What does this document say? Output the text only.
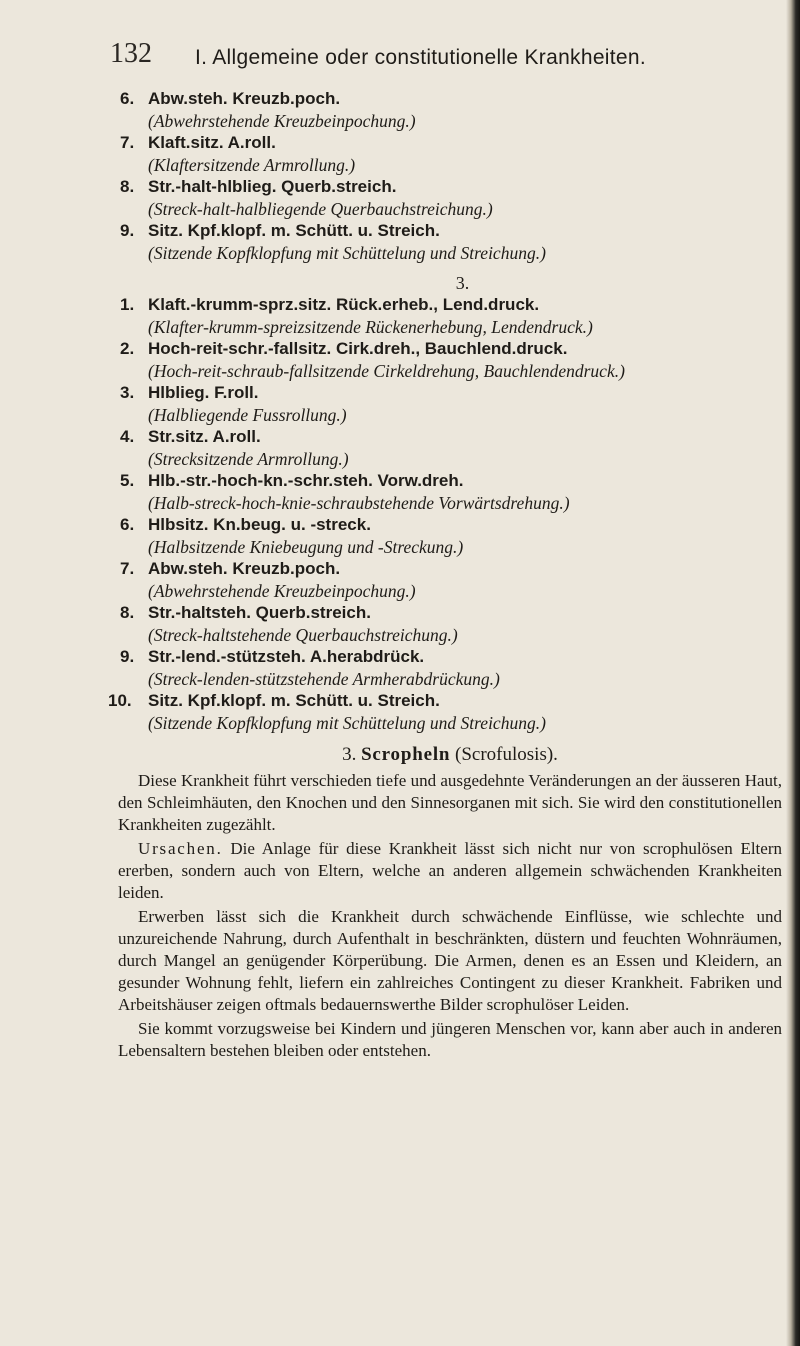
132 I. Allgemeine oder constitutionelle Krankheiten.
6. Abw.steh. Kreuzb.poch.
(Abwehrstehende Kreuzbeinpochung.)
7. Klaft.sitz. A.roll.
(Klaftersitzende Armrollung.)
8. Str.-halt-hlblieg. Querb.streich.
(Streck-halt-halbliegende Querbauchstreichung.)
9. Sitz. Kpf.klopf. m. Schütt. u. Streich.
(Sitzende Kopfklopfung mit Schüttelung und Streichung.)
3.
1. Klaft.-krumm-sprz.sitz. Rück.erheb., Lend.druck.
(Klafter-krumm-spreizsitzende Rückenerhebung, Lendendruck.)
2. Hoch-reit-schr.-fallsitz. Cirk.dreh., Bauchlend.druck.
(Hoch-reit-schraub-fallsitzende Cirkeldrehung, Bauchlendendruck.)
3. Hlblieg. F.roll.
(Halbliegende Fussrollung.)
4. Str.sitz. A.roll.
(Strecksitzende Armrollung.)
5. Hlb.-str.-hoch-kn.-schr.steh. Vorw.dreh.
(Halb-streck-hoch-knie-schraubstehende Vorwärtsdrehung.)
6. Hlbsitz. Kn.beug. u. -streck.
(Halbsitzende Kniebeugung und -Streckung.)
7. Abw.steh. Kreuzb.poch.
(Abwehrstehende Kreuzbeinpochung.)
8. Str.-haltsteh. Querb.streich.
(Streck-haltstehende Querbauchstreichung.)
9. Str.-lend.-stützsteh. A.herabdrück.
(Streck-lenden-stützstehende Armherabdrückung.)
10. Sitz. Kpf.klopf. m. Schütt. u. Streich.
(Sitzende Kopfklopfung mit Schüttelung und Streichung.)
3. Scropheln (Scrofulosis).

Diese Krankheit führt verschieden tiefe und ausgedehnte Veränderungen an der äusseren Haut, den Schleimhäuten, den Knochen und den Sinnesorganen mit sich. Sie wird den constitutionellen Krankheiten zugezählt.

Ursachen. Die Anlage für diese Krankheit lässt sich nicht nur von scrophulösen Eltern ererben, sondern auch von Eltern, welche an anderen allgemein schwächenden Krankheiten leiden.

Erwerben lässt sich die Krankheit durch schwächende Einflüsse, wie schlechte und unzureichende Nahrung, durch Aufenthalt in beschränkten, düstern und feuchten Wohnräumen, durch Mangel an genügender Körperübung. Die Armen, denen es an Essen und Kleidern, an gesunder Wohnung fehlt, liefern ein zahlreiches Contingent zu dieser Krankheit. Fabriken und Arbeitshäuser zeigen oftmals bedauernswerthe Bilder scrophulöser Leiden.

Sie kommt vorzugsweise bei Kindern und jüngeren Menschen vor, kann aber auch in anderen Lebensaltern bestehen bleiben oder entstehen.
